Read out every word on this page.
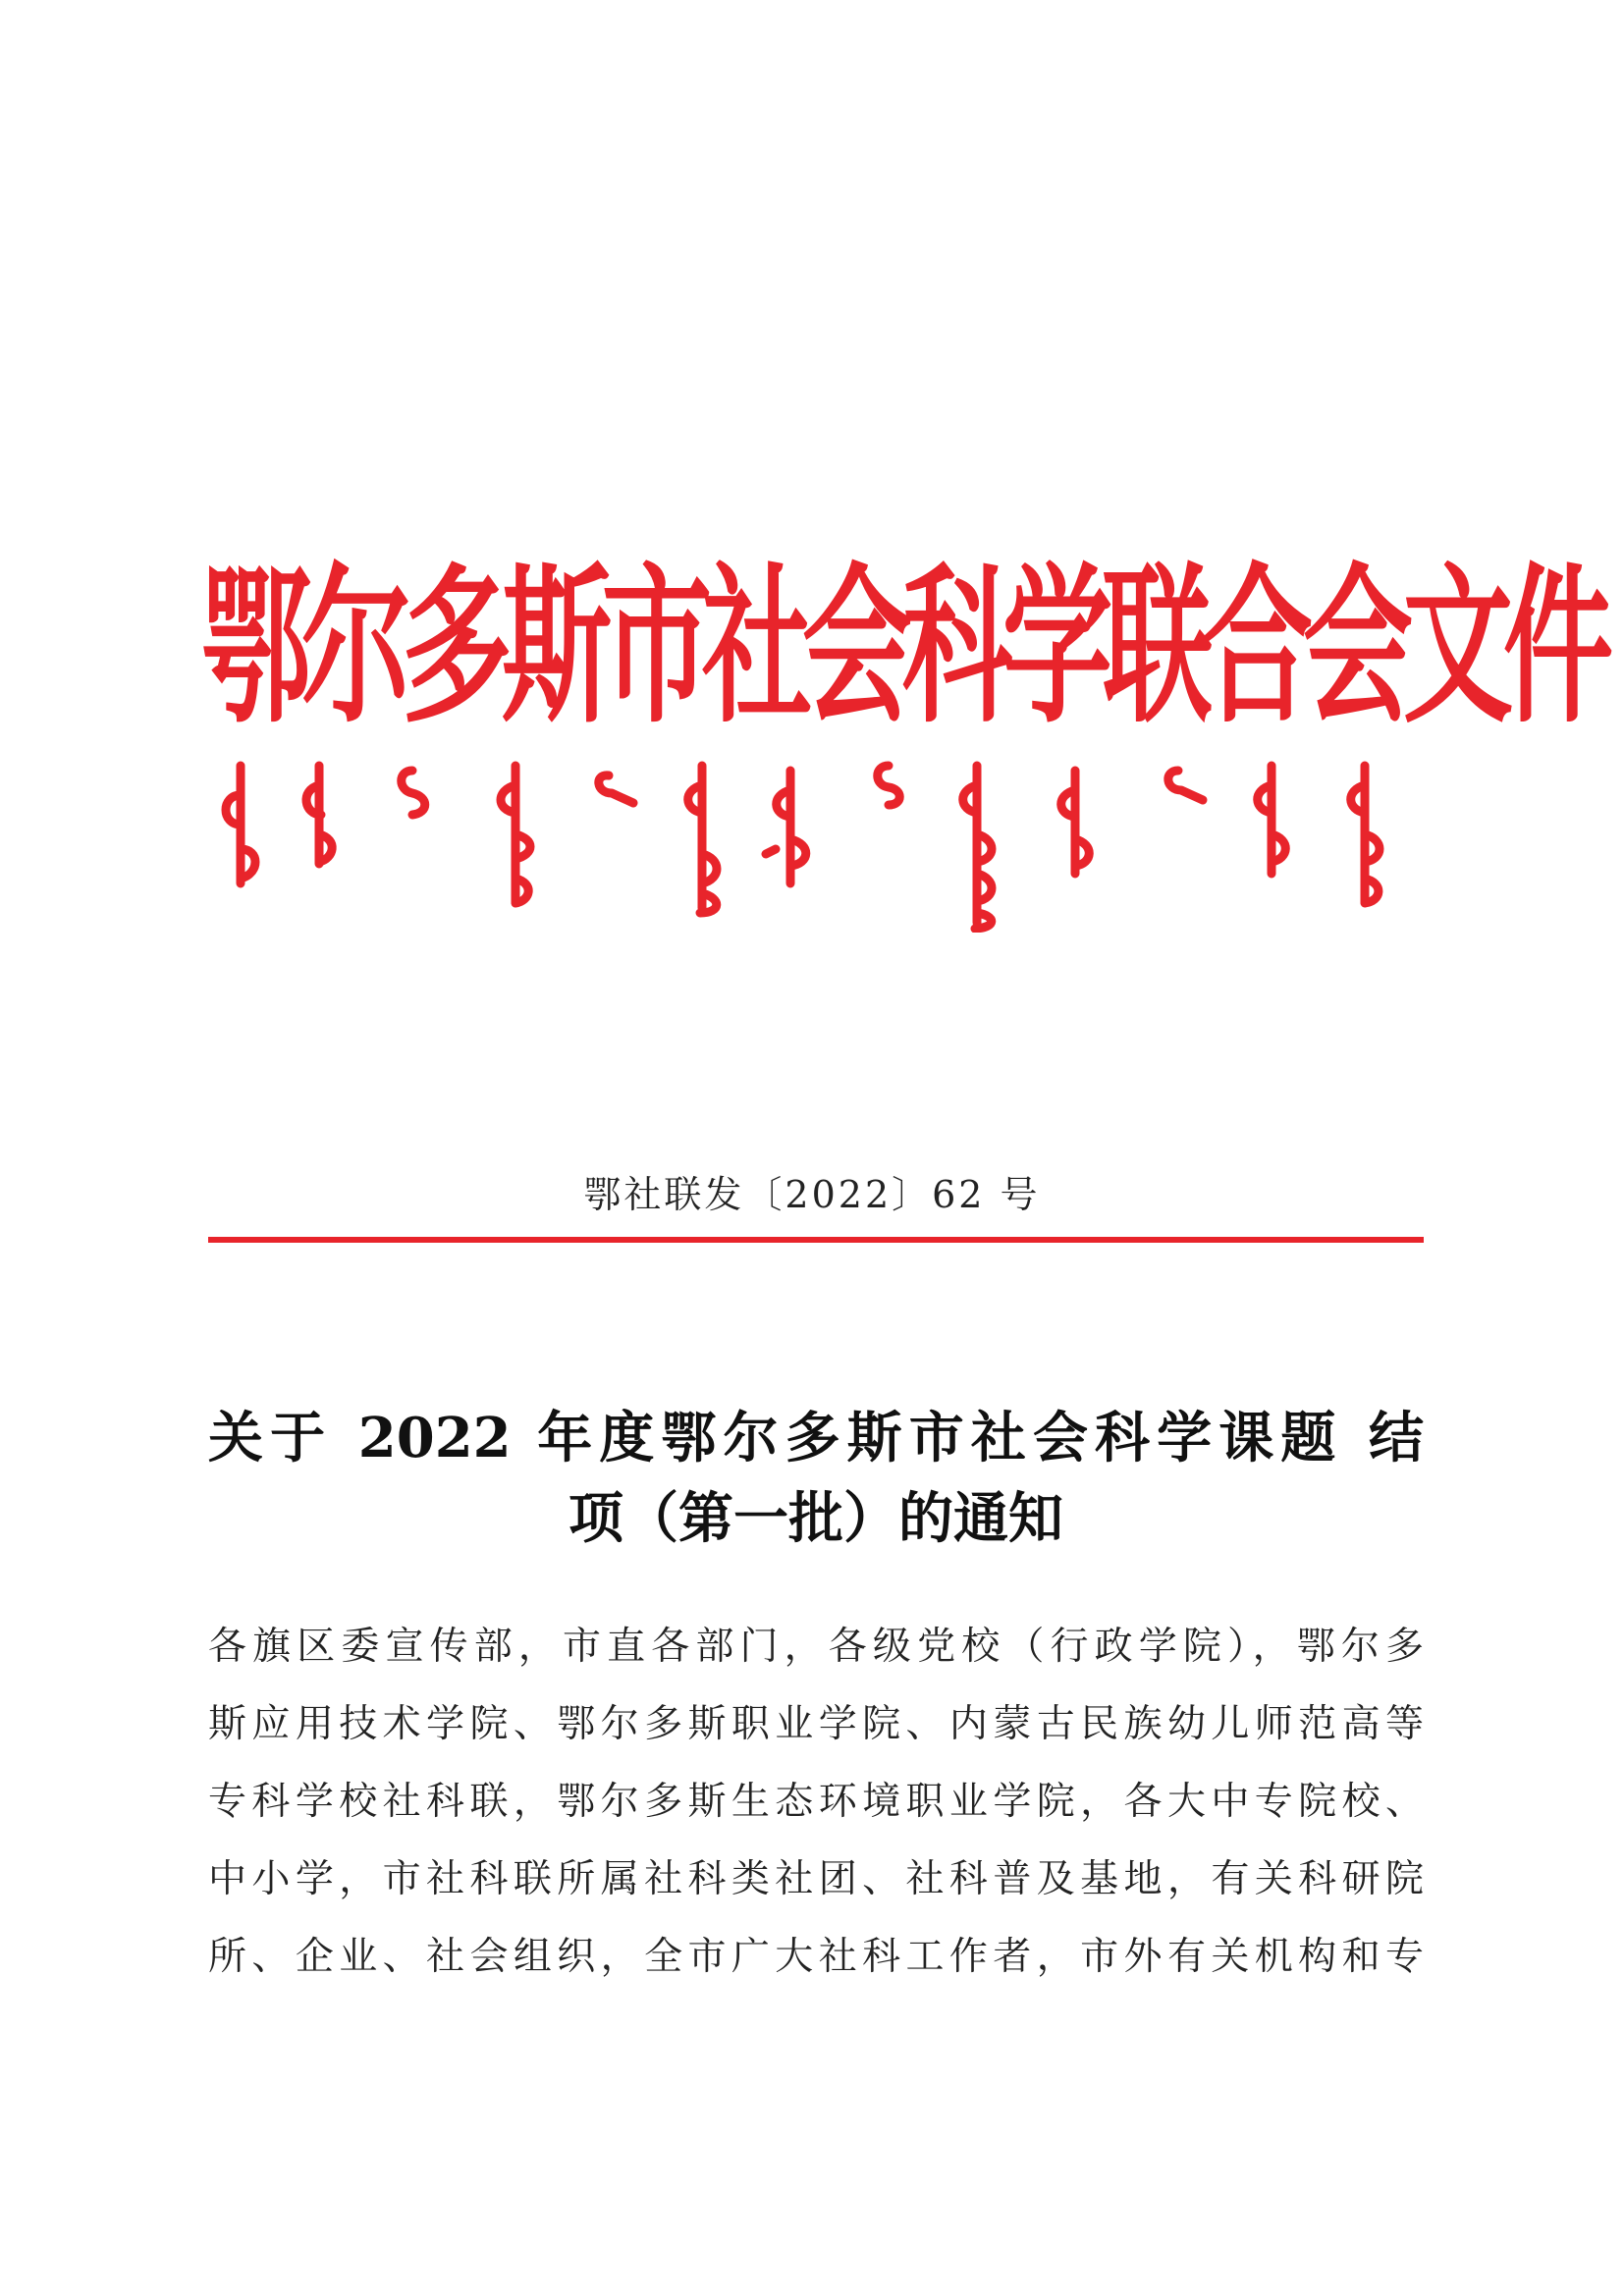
鄂尔多斯市社会科学联合会文件
鄂社联发〔2022〕62 号
关于 2022 年度鄂尔多斯市社会科学课题 结
项（第一批）的通知
各旗区委宣传部，市直各部门，各级党校（行政学院），鄂尔多
斯应用技术学院、鄂尔多斯职业学院、内蒙古民族幼儿师范高等
专科学校社科联，鄂尔多斯生态环境职业学院，各大中专院校、
中小学，市社科联所属社科类社团、社科普及基地，有关科研院
所、企业、社会组织，全市广大社科工作者，市外有关机构和专
